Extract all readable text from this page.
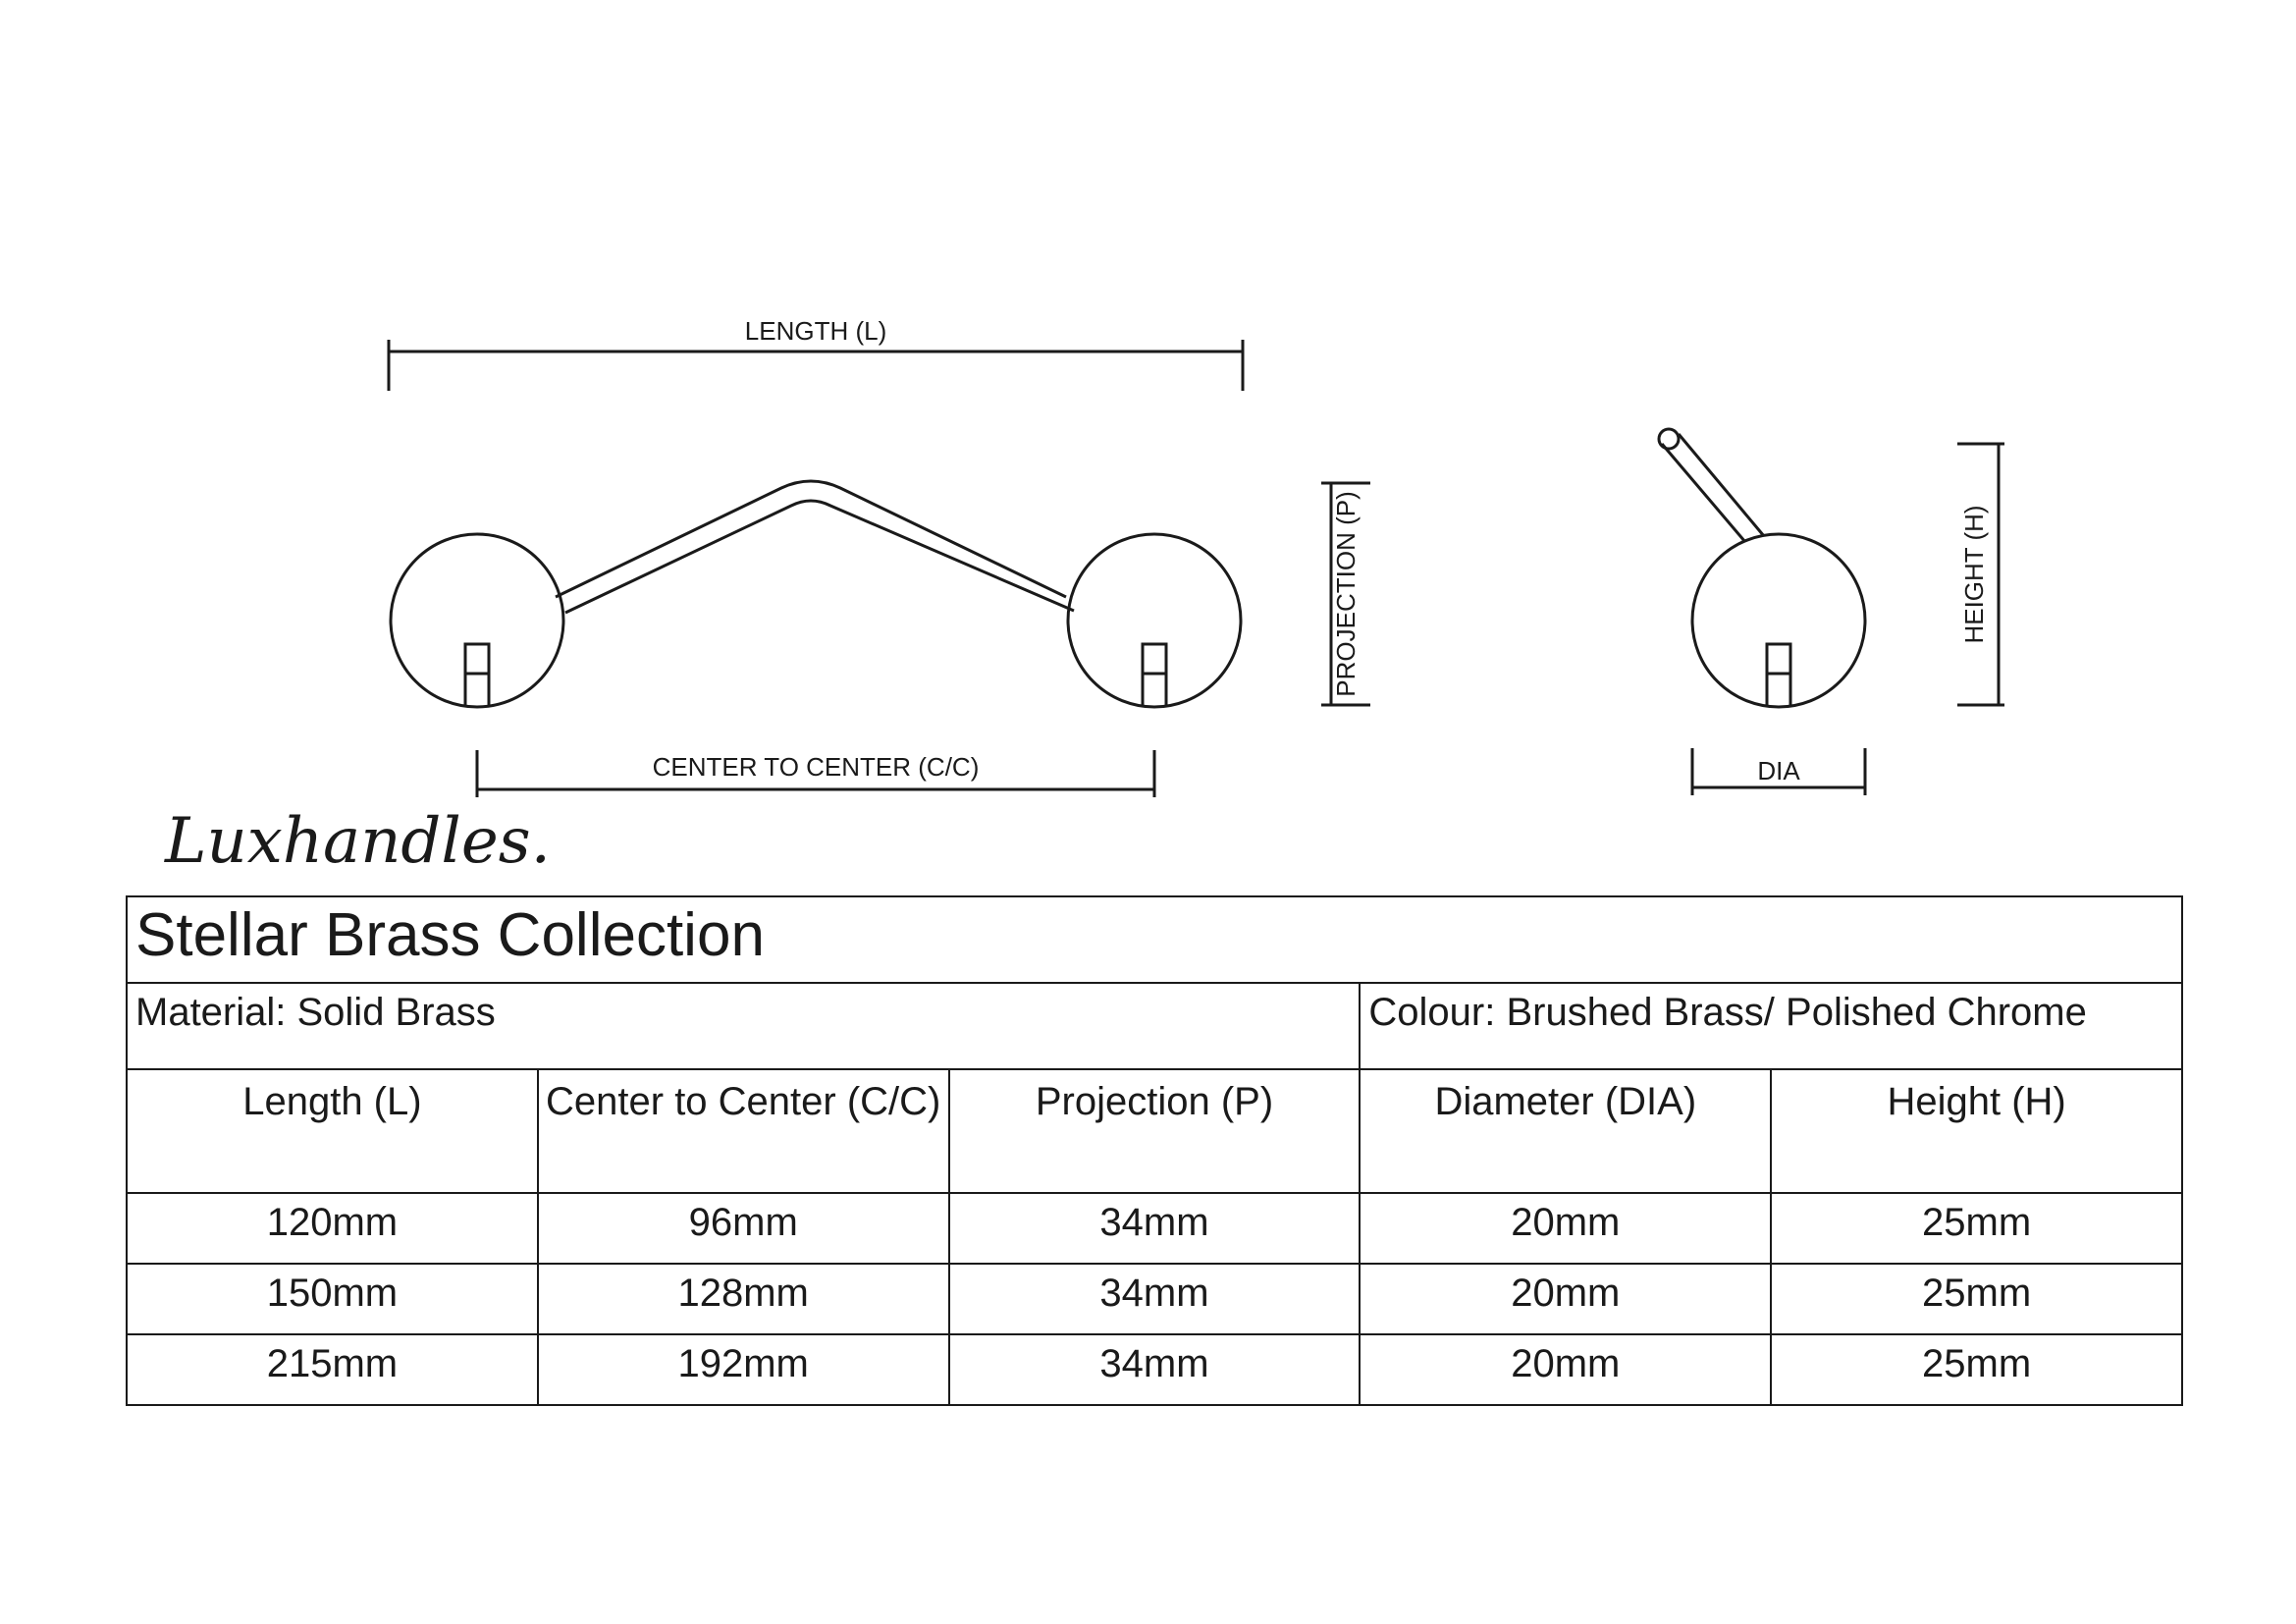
LENGTH (L)
CENTER TO CENTER (C/C)
PROJECTION (P)	HEIGHT (H)
DIA
Luxhandles.
Stellar Brass Collection				
Material: Solid Brass			Colour: Brushed Brass/ Polished Chrome	
Length (L)	Center to Center (C/C)	Projection (P)	Diameter (DIA)	Height (H)
120mm	96mm	34mm	20mm	25mm
150mm	128mm	34mm	20mm	25mm
215mm	192mm	34mm	20mm	25mm
